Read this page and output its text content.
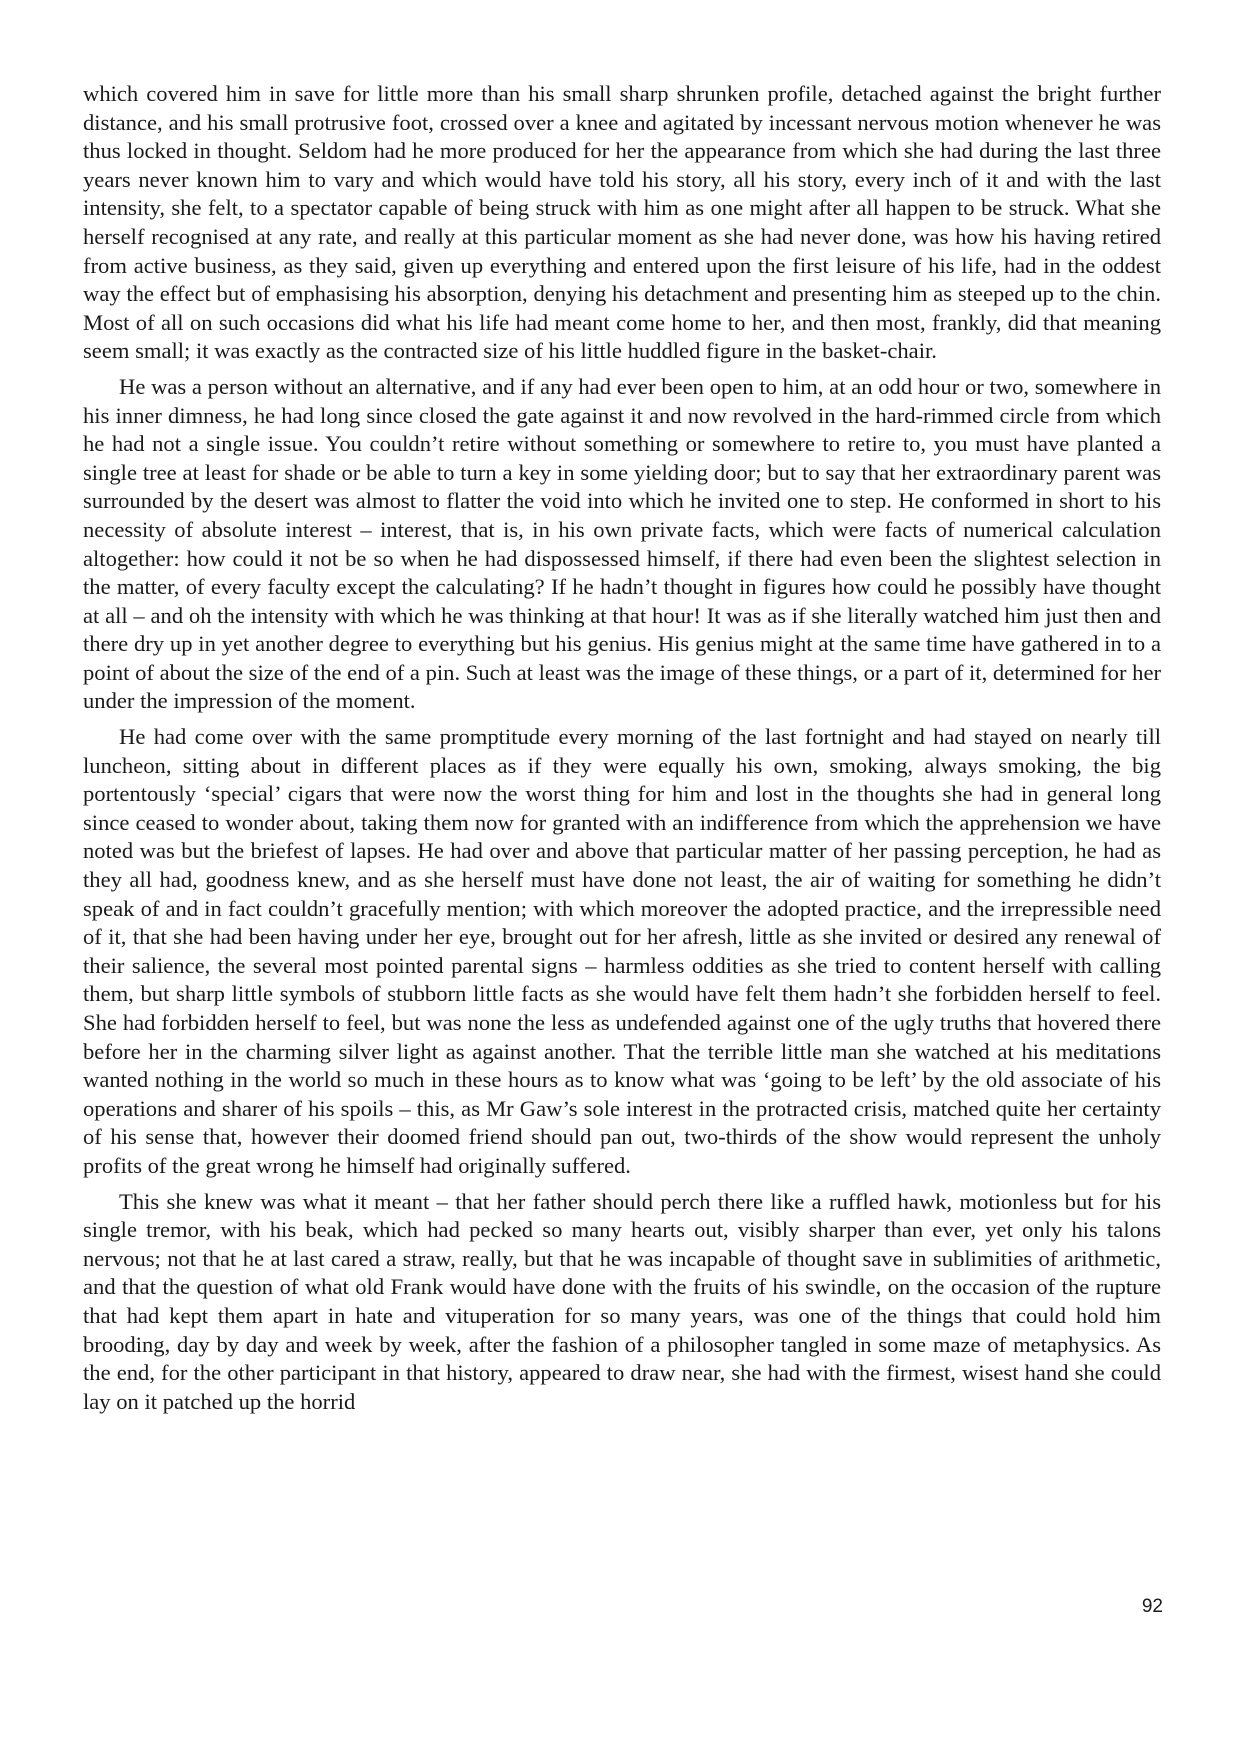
which covered him in save for little more than his small sharp shrunken profile, detached against the bright further distance, and his small protrusive foot, crossed over a knee and agitated by incessant nervous motion whenever he was thus locked in thought. Seldom had he more produced for her the appearance from which she had during the last three years never known him to vary and which would have told his story, all his story, every inch of it and with the last intensity, she felt, to a spectator capable of being struck with him as one might after all happen to be struck. What she herself recognised at any rate, and really at this particular moment as she had never done, was how his having retired from active business, as they said, given up everything and entered upon the first leisure of his life, had in the oddest way the effect but of emphasising his absorption, denying his detachment and presenting him as steeped up to the chin. Most of all on such occasions did what his life had meant come home to her, and then most, frankly, did that meaning seem small; it was exactly as the contracted size of his little huddled figure in the basket-chair.

He was a person without an alternative, and if any had ever been open to him, at an odd hour or two, somewhere in his inner dimness, he had long since closed the gate against it and now revolved in the hard-rimmed circle from which he had not a single issue. You couldn’t retire without something or somewhere to retire to, you must have planted a single tree at least for shade or be able to turn a key in some yielding door; but to say that her extraordinary parent was surrounded by the desert was almost to flatter the void into which he invited one to step. He conformed in short to his necessity of absolute interest – interest, that is, in his own private facts, which were facts of numerical calculation altogether: how could it not be so when he had dispossessed himself, if there had even been the slightest selection in the matter, of every faculty except the calculating? If he hadn’t thought in figures how could he possibly have thought at all – and oh the intensity with which he was thinking at that hour! It was as if she literally watched him just then and there dry up in yet another degree to everything but his genius. His genius might at the same time have gathered in to a point of about the size of the end of a pin. Such at least was the image of these things, or a part of it, determined for her under the impression of the moment.

He had come over with the same promptitude every morning of the last fortnight and had stayed on nearly till luncheon, sitting about in different places as if they were equally his own, smoking, always smoking, the big portentously ‘special’ cigars that were now the worst thing for him and lost in the thoughts she had in general long since ceased to wonder about, taking them now for granted with an indifference from which the apprehension we have noted was but the briefest of lapses. He had over and above that particular matter of her passing perception, he had as they all had, goodness knew, and as she herself must have done not least, the air of waiting for something he didn’t speak of and in fact couldn’t gracefully mention; with which moreover the adopted practice, and the irrepressible need of it, that she had been having under her eye, brought out for her afresh, little as she invited or desired any renewal of their salience, the several most pointed parental signs – harmless oddities as she tried to content herself with calling them, but sharp little symbols of stubborn little facts as she would have felt them hadn’t she forbidden herself to feel. She had forbidden herself to feel, but was none the less as undefended against one of the ugly truths that hovered there before her in the charming silver light as against another. That the terrible little man she watched at his meditations wanted nothing in the world so much in these hours as to know what was ‘going to be left’ by the old associate of his operations and sharer of his spoils – this, as Mr Gaw’s sole interest in the protracted crisis, matched quite her certainty of his sense that, however their doomed friend should pan out, two-thirds of the show would represent the unholy profits of the great wrong he himself had originally suffered.

This she knew was what it meant – that her father should perch there like a ruffled hawk, motionless but for his single tremor, with his beak, which had pecked so many hearts out, visibly sharper than ever, yet only his talons nervous; not that he at last cared a straw, really, but that he was incapable of thought save in sublimities of arithmetic, and that the question of what old Frank would have done with the fruits of his swindle, on the occasion of the rupture that had kept them apart in hate and vituperation for so many years, was one of the things that could hold him brooding, day by day and week by week, after the fashion of a philosopher tangled in some maze of metaphysics. As the end, for the other participant in that history, appeared to draw near, she had with the firmest, wisest hand she could lay on it patched up the horrid

92
